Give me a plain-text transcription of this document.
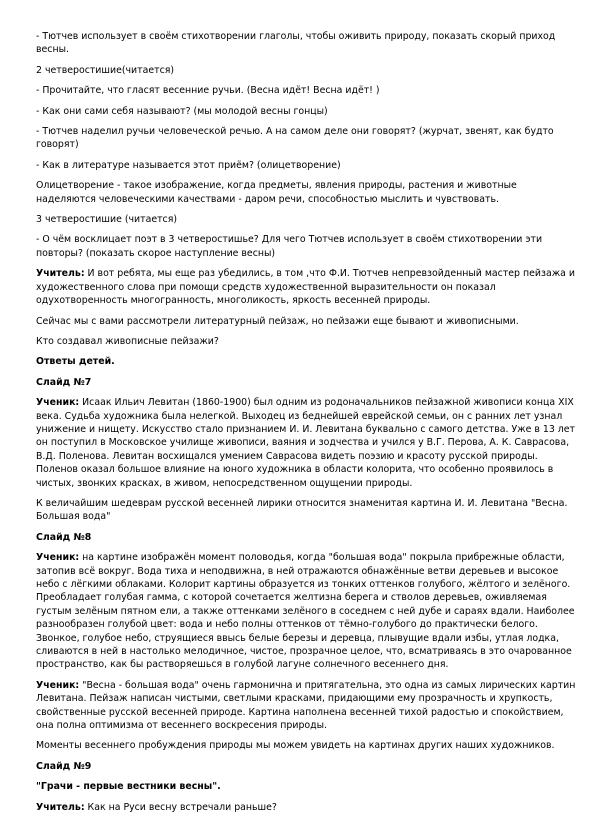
- Тютчев использует в своём стихотворении глаголы, чтобы оживить природу, показать скорый приход весны.

2 четверостишие(читается)

- Прочитайте, что гласят весенние ручьи. (Весна идёт! Весна идёт! )

- Как они сами себя называют? (мы молодой весны гонцы)

- Тютчев наделил ручьи человеческой речью. А на самом деле они говорят? (журчат, звенят, как будто говорят)

- Как в литературе называется этот приём? (олицетворение)

Олицетворение - такое изображение, когда предметы, явления природы, растения и животные наделяются человеческими качествами - даром речи, способностью мыслить и чувствовать.

3 четверостишие (читается)

- О чём восклицает поэт в 3 четверостишье? Для чего Тютчев использует в своём стихотворении эти повторы? (показать скорое наступление весны)

Учитель: И вот ребята, мы еще раз убедились, в том ,что Ф.И. Тютчев непревзойденный мастер пейзажа и художественного слова при помощи средств художественной выразительности он показал одухотворенность многогранность, многоликость, яркость весенней природы.

Сейчас мы с вами рассмотрели литературный пейзаж, но пейзажи еще бывают и живописными.

Кто создавал живописные пейзажи?

Ответы детей.

Слайд №7

Ученик: Исаак Ильич Левитан (1860-1900) был одним из родоначальников пейзажной живописи конца XIX века. Судьба художника была нелегкой. Выходец из беднейшей еврейской семьи, он с ранних лет узнал унижение и нищету. Искусство стало признанием И. И. Левитана буквально с самого детства. Уже в 13 лет он поступил в Московское училище живописи, ваяния и зодчества и учился у В.Г. Перова, А. К. Саврасова, В.Д. Поленова. Левитан восхищался умением Саврасова видеть поэзию и красоту русской природы. Поленов оказал большое влияние на юного художника в области колорита, что особенно проявилось в чистых, звонких красках, в живом, непосредственном ощущении природы.

К величайшим шедеврам русской весенней лирики относится знаменитая картина И. И. Левитана "Весна. Большая вода"

Слайд №8

Ученик: на картине изображён момент половодья, когда "большая вода" покрыла прибрежные области, затопив всё вокруг. Вода тиха и неподвижна, в ней отражаются обнажённые ветви деревьев и высокое небо с лёгкими облаками. Колорит картины образуется из тонких оттенков голубого, жёлтого и зелёного. Преобладает голубая гамма, с которой сочетается желтизна берега и стволов деревьев, оживляемая густым зелёным пятном ели, а также оттенками зелёного в соседнем с ней дубе и сараях вдали. Наиболее разнообразен голубой цвет: вода и небо полны оттенков от тёмно-голубого до практически белого. Звонкое, голубое небо, струящиеся ввысь белые березы и деревца, плывущие вдали избы, утлая лодка, сливаются в ней в настолько мелодичное, чистое, прозрачное целое, что, всматриваясь в это очарованное пространство, как бы растворяешься в голубой лагуне солнечного весеннего дня.

Ученик: "Весна - большая вода" очень гармонична и притягательна, это одна из самых лирических картин Левитана. Пейзаж написан чистыми, светлыми красками, придающими ему прозрачность и хрупкость, свойственные русской весенней природе. Картина наполнена весенней тихой радостью и спокойствием, она полна оптимизма от весеннего воскресения природы.

Моменты весеннего пробуждения природы мы можем увидеть на картинах других наших художников.

Слайд №9

"Грачи - первые вестники весны".

Учитель: Как на Руси весну встречали раньше?
